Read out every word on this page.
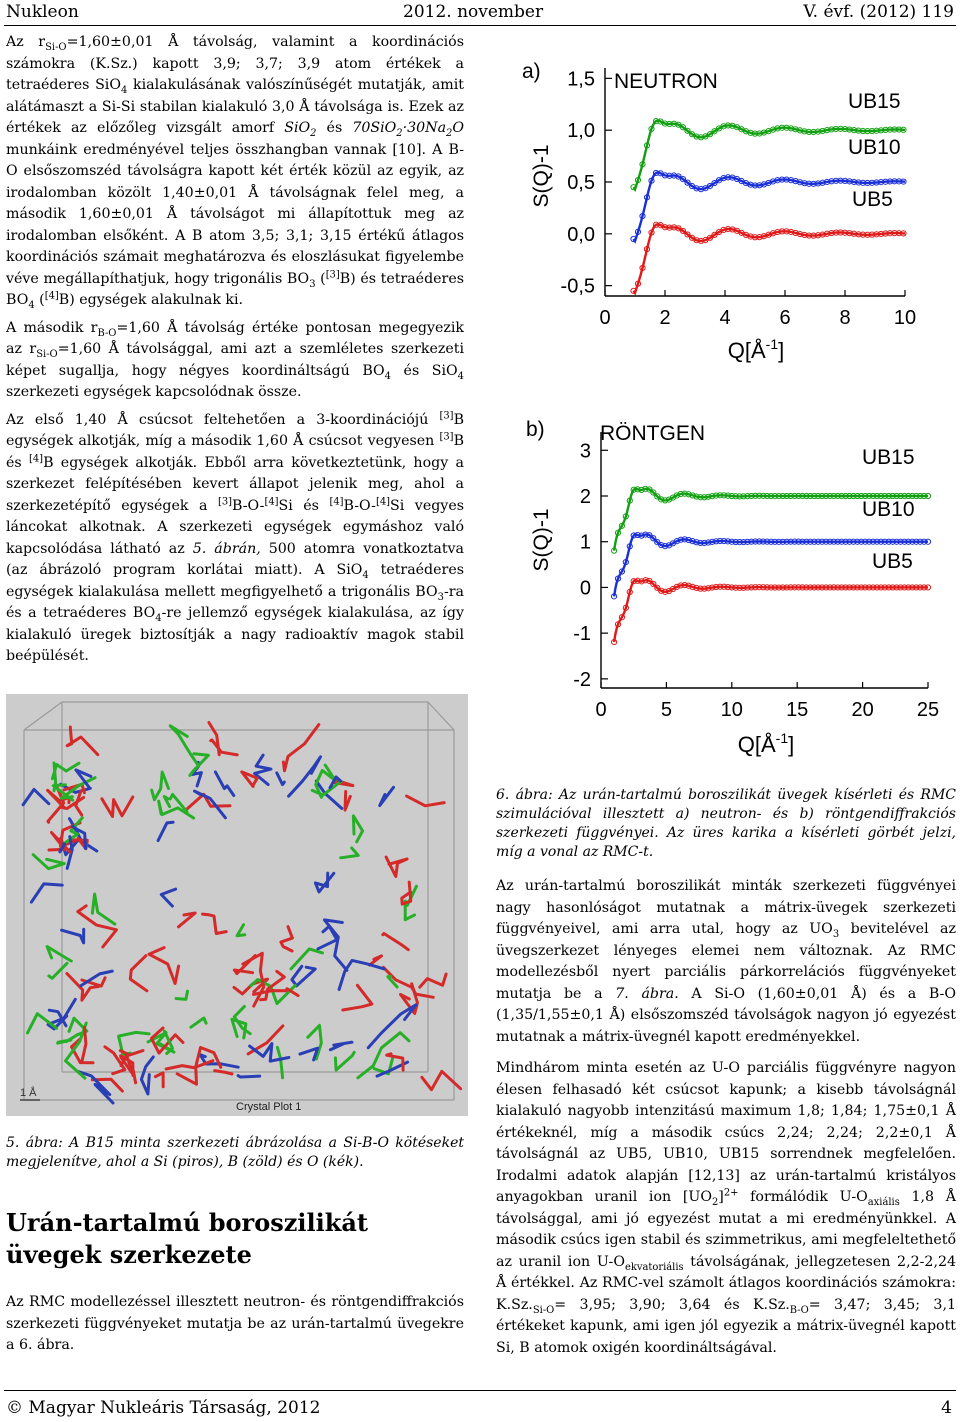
Nukleon	2012. november	V. évf. (2012) 119

Az $r_{Si-O}=1,60\pm 0,01$ Å távolság, valamint a koordinációs számokra (K.Sz.) kapott 3,9; 3,7; 3,9 atom értékek a tetraéderes SiO$_4$ kialakulásának valószínűségét mutatják, amit alátámaszt a Si-Si stabilan kialakuló 3,0 Å távolsága is. Ezek az értékek az előzőleg vizsgált amorf SiO$_2$ és $70SiO_2\cdot 30Na_2O$ munkáink eredményével teljes összhangban vannak [10]. A B-O elsőszomszéd távolságra kapott két érték közül az egyik, az irodalomban közölt 1,40±0,01 Å távolságnak felel meg, a második 1,60±0,01 Å távolságot mi állapítottuk meg az irodalomban elsőként. A B atom 3,5; 3,1; 3,15 értékű átlagos koordinációs számait meghatározva és eloszlásukat figyelembe véve megállapíthatjuk, hogy trigonális $BO_3$ ([3]B) és tetraéderes $BO_4$ ([4]B) egységek alakulnak ki.

A második $r_{B-O}=1,60$ Å távolság értéke pontosan megegyezik az $r_{Si-O}=1,60$ Å távolsággal, ami azt a szemléletes szerkezeti képet sugallja, hogy négyes koordináltságú $BO_4$ és SiO$_4$ szerkezeti egységek kapcsolódnak össze.

Az első 1,40 Å csúcsot feltehetően a 3-koordinációjú [3]B egységek alkotják, míg a második 1,60 Å csúcsot vegyesen [3]B és [4]B egységek alkotják. Ebből arra következtetünk, hogy a szerkezet felépítésében kevert állapot jelenik meg, ahol a szerkezetépítő egységek a [3]B-O-[4]Si és [4]B-O-[4]Si vegyes láncokat alkotnak. A szerkezeti egységek egymáshoz való kapcsolódása látható az 5. ábrán, 500 atomra vonatkoztatva (az ábrázoló program korlátai miatt). A SiO$_4$ tetraéderes egységek kialakulása mellett megfigyelhető a trigonális $BO_3-ra$ és a tetraéderes $BO_4-re$ jellemző egységek kialakulása, az így kialakuló üregek biztosítják a nagy radioaktív magok stabil beépülését.

1 Å
Crystal Plot 1
5. ábra: A B15 minta szerkezeti ábrázolása a Si-B-O kötéseket megjelenítve, ahol a Si (piros), B (zöld) és O (kék).
Urán-tartalmú boroszilikát üvegek szerkezete

Az RMC modellezéssel illesztett neutron- és röntgendiffrakciós szerkezeti függvényeket mutatja be az urán-tartalmú üvegekre a 6. ábra.

1,5
1,0
0,5
0,0
-0,5
0 2 4 6 8 10
a)	NEUTRON
S(Q)-1
$Q[Å^{-1}]$
UB15
UB10
UB5
3
2
1
0
-1
-2
0	5 10 15 20 25
b)	RÖNTGEN
S(Q)-1
$Q[Å^{-1}]$
UB15
UB10
UB5
6. ábra: Az urán-tartalmú boroszilikát üvegek kísérleti és RMC szimulációval illesztett a) neutron- és b) röntgendiffrakciós szerkezeti függvényei. Az üres karika a kísérleti görbét jelzi, míg a vonal az RMC-t.

Az urán-tartalmú boroszilikát minták szerkezeti függvényei nagy hasonlóságot mutatnak a mátrix-üvegek szerkezeti függvényeivel, ami arra utal, hogy az $UO_3$ bevitelével az üvegszerkezet lényeges elemei nem változnak. Az RMC modellezésből nyert parciális párkorrelációs függvényeket mutatja be a 7. ábra. A Si-O (1,60±0,01 Å) és a B-O (1,35/1,55±0,1 Å) elsőszomszéd távolságok nagyon jó egyezést mutatnak a mátrix-üvegnél kapott eredményekkel.

Mindhárom minta esetén az U-O parciális függvényre nagyon élesen felhasadó két csúcsot kapunk; a kisebb távolságnál kialakuló nagyobb intenzitású maximum 1,8; 1,84; 1,75±0,1 Å értékeknél, míg a második csúcs 2,24; 2,24; 2,2±0,1 Å távolságnál az UB5, UB10, UB15 sorrendnek megfelelően. Irodalmi adatok alapján [12,13] az urán-tartalmú kristályos anyagokban uranil ion $[UO_2]^{2+}$ formálódik $U-O_{axiális}$ 1,8 Å távolsággal, ami jó egyezést mutat a mi eredményünkkel. A második csúcs igen stabil és szimmetrikus, ami megfeleltethető az uranil ion $U-O_{ekvatoriális}$ távolságának, jellegzetesen 2,2-2,24 Å értékkel. Az RMC-vel számolt átlagos koordinációs számokra: $K.Sz._{Si-O}= 3,95$; 3,90; 3,64 és $K.Sz._{B-O}= 3,47$; 3,45; 3,1 értékeket kapunk, ami igen jól egyezik a mátrix-üvegnél kapott Si, B atomok oxigén koordináltságával.

© Magyar Nukleáris Társaság, 2012	4
